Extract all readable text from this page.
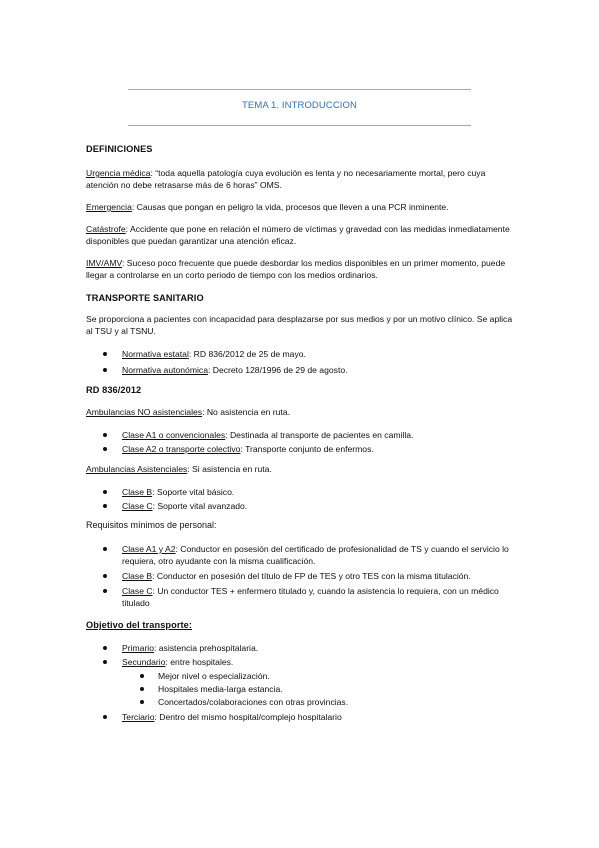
TEMA 1. INTRODUCCION
DEFINICIONES
Urgencia médica: “toda aquella patología cuya evolución es lenta y no necesariamente mortal, pero cuya atención no debe retrasarse más de 6 horas” OMS.
Emergencia: Causas que pongan en peligro la vida, procesos que lleven a una PCR inminente.
Catástrofe: Accidente que pone en relación el número de víctimas y gravedad con las medidas inmediatamente disponibles que puedan garantizar una atención eficaz.
IMV/AMV: Suceso poco frecuente que puede desbordar los medios disponibles en un primer momento, puede llegar a controlarse en un corto periodo de tiempo con los medios ordinarios.
TRANSPORTE SANITARIO
Se proporciona a pacientes con incapacidad para desplazarse por sus medios y por un motivo clínico. Se aplica al TSU y al TSNU.
Normativa estatal: RD 836/2012 de 25 de mayo.
Normativa autonómica: Decreto 128/1996 de 29 de agosto.
RD 836/2012
Ambulancias NO asistenciales: No asistencia en ruta.
Clase A1 o convencionales: Destinada al transporte de pacientes en camilla.
Clase A2 o transporte colectivo: Transporte conjunto de enfermos.
Ambulancias Asistenciales: Si asistencia en ruta.
Clase B: Soporte vital básico.
Clase C: Soporte vital avanzado.
Requisitos mínimos de personal:
Clase A1 y A2: Conductor en posesión del certificado de profesionalidad de TS y cuando el servicio lo requiera, otro ayudante con la misma cualificación.
Clase B: Conductor en posesión del título de FP de TES y otro TES con la misma titulación.
Clase C: Un conductor TES + enfermero titulado y, cuando la asistencia lo requiera, con un médico titulado
Objetivo del transporte:
Primario: asistencia prehospitalaria.
Secundario: entre hospitales.
Mejor nivel o especialización.
Hospitales media-larga estancia.
Concertados/colaboraciones con otras provincias.
Terciario: Dentro del mismo hospital/complejo hospitalario
